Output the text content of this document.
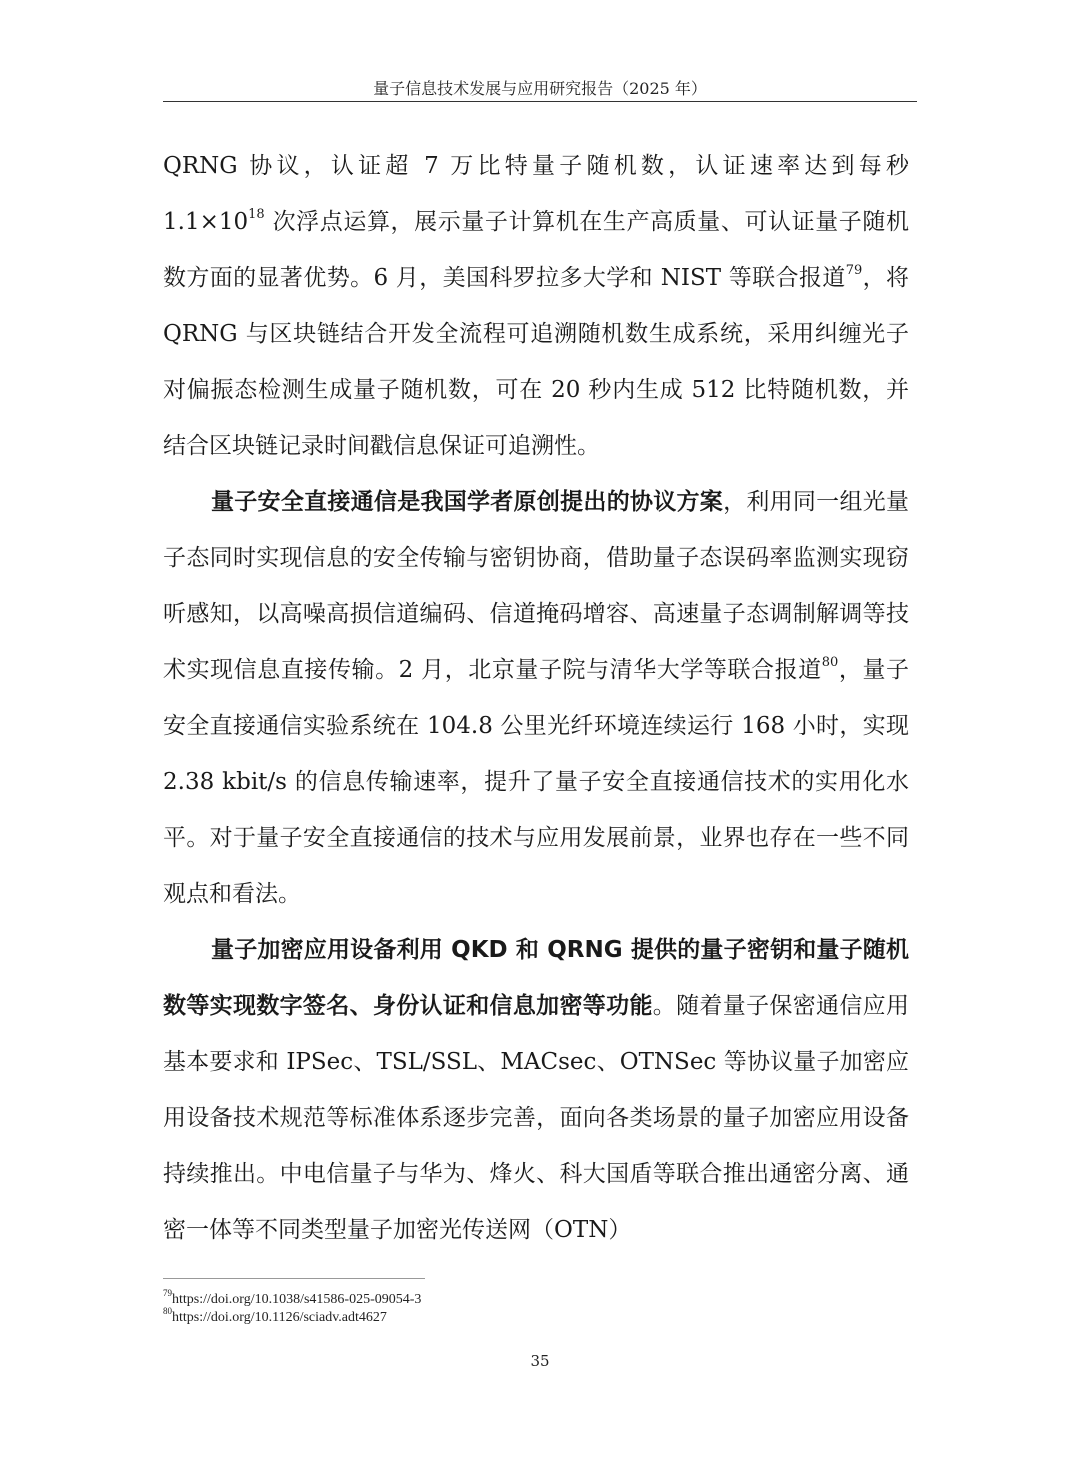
量子信息技术发展与应用研究报告（2025 年）

QRNG 协议，认证超 7 万比特量子随机数，认证速率达到每秒 $1.1\times 10^{18}$ 次浮点运算，展示量子计算机在生产高质量、可认证量子随机数方面的显著优势。6 月，美国科罗拉多大学和 NIST 等联合报道$^{79}$，将 QRNG 与区块链结合开发全流程可追溯随机数生成系统，采用纠缠光子对偏振态检测生成量子随机数，可在 20 秒内生成 512 比特随机数，并结合区块链记录时间戳信息保证可追溯性。

量子安全直接通信是我国学者原创提出的协议方案，利用同一组光量子态同时实现信息的安全传输与密钥协商，借助量子态误码率监测实现窃听感知，以高噪高损信道编码、信道掩码增容、高速量子态调制解调等技术实现信息直接传输。2 月，北京量子院与清华大学等联合报道$^{80}$，量子安全直接通信实验系统在 104.8 公里光纤环境连续运行 168 小时，实现 2.38 kbit/s 的信息传输速率，提升了量子安全直接通信技术的实用化水平。对于量子安全直接通信的技术与应用发展前景，业界也存在一些不同观点和看法。

量子加密应用设备利用 QKD 和 QRNG 提供的量子密钥和量子随机数等实现数字签名、身份认证和信息加密等功能。随着量子保密通信应用基本要求和 IPSec、TSL/SSL、MACsec、OTNSec 等协议量子加密应用设备技术规范等标准体系逐步完善，面向各类场景的量子加密应用设备持续推出。中电信量子与华为、烽火、科大国盾等联合推出通密分离、通密一体等不同类型量子加密光传送网（OTN）

$^{79}$https://doi.org/10.1038/s41586-025-09054-3
$^{80}$https://doi.org/10.1126/sciadv.adt4627
35
